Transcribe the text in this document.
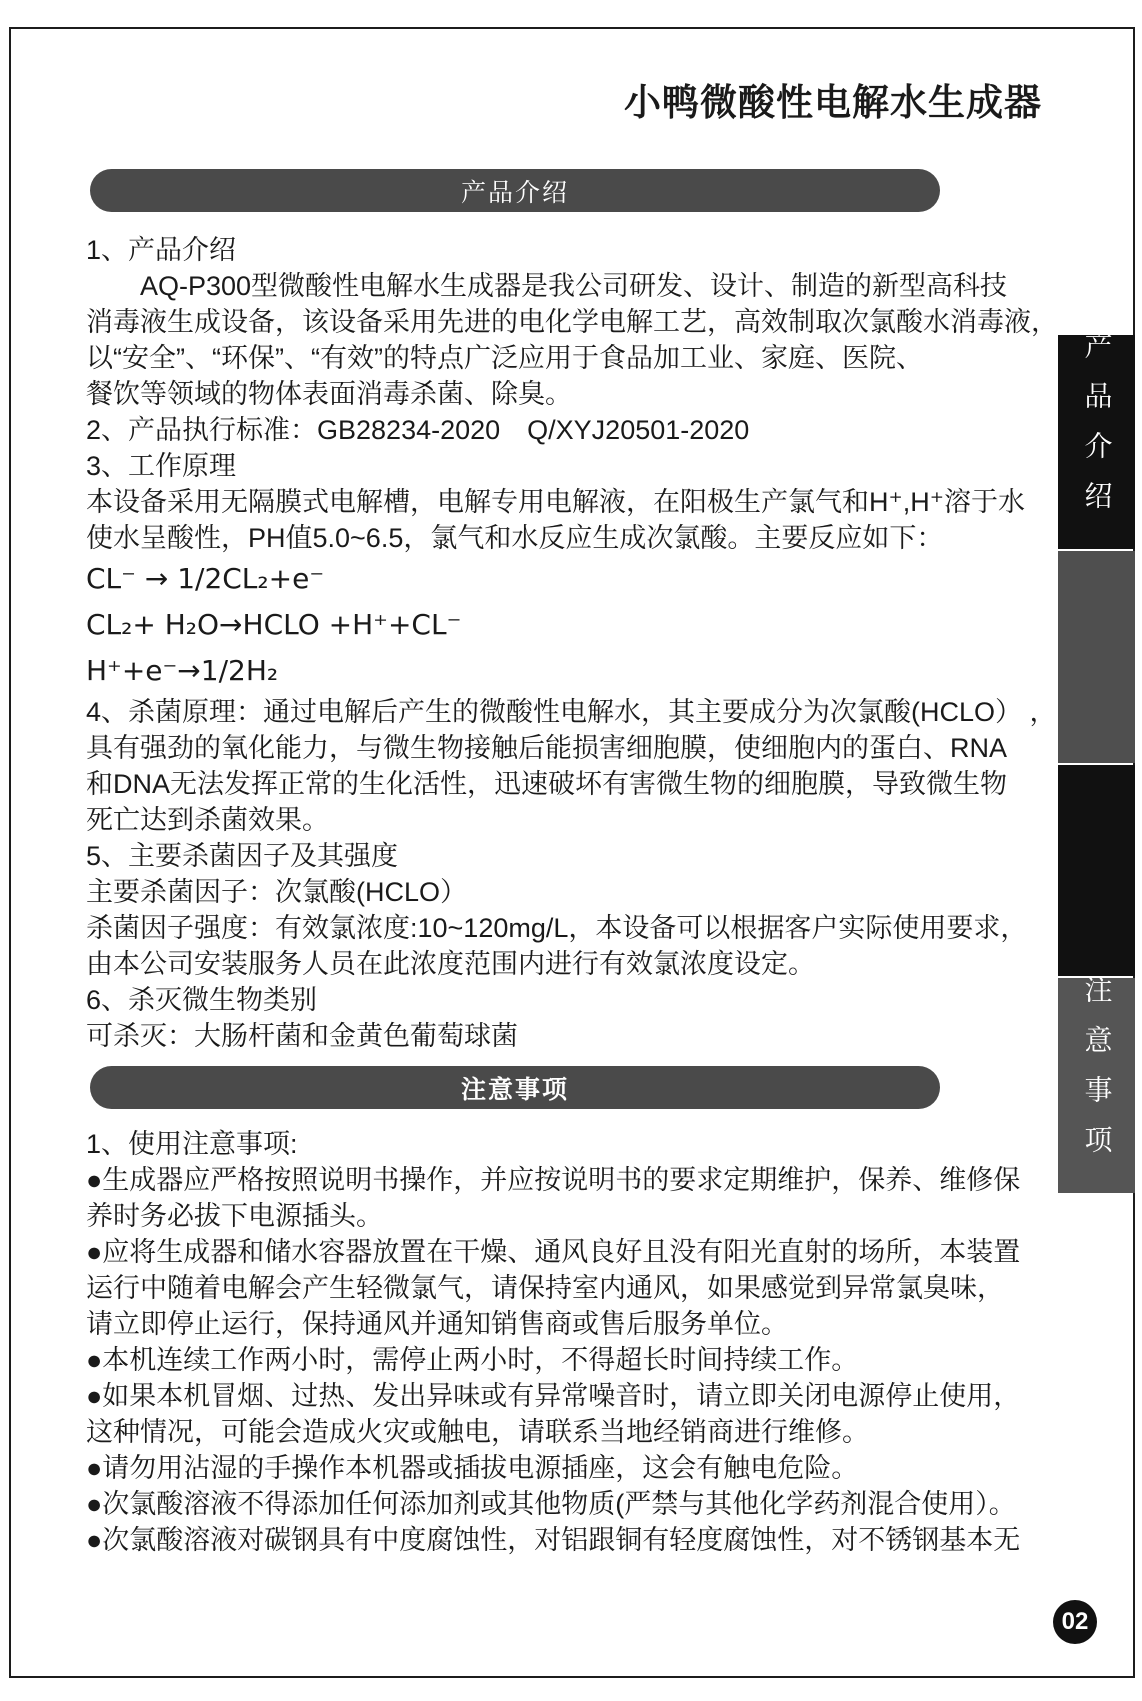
小鸭微酸性电解水生成器
产品介绍
1、产品介绍
　　AQ-P300型微酸性电解水生成器是我公司研发、设计、制造的新型高科技
消毒液生成设备，该设备采用先进的电化学电解工艺，高效制取次氯酸水消毒液，
以“安全”、“环保”、“有效”的特点广泛应用于食品加工业、家庭、医院、
餐饮等领域的物体表面消毒杀菌、除臭。
2、产品执行标准：GB28234-2020　Q/XYJ20501-2020
3、工作原理
本设备采用无隔膜式电解槽，电解专用电解液，在阳极生产氯气和H⁺,H⁺溶于水
使水呈酸性，PH值5.0~6.5，氯气和水反应生成次氯酸。主要反应如下：
CL⁻ → 1/2CL₂+e⁻
CL₂+ H₂O→HCLO +H⁺+CL⁻
H⁺+e⁻→1/2H₂
4、杀菌原理：通过电解后产生的微酸性电解水，其主要成分为次氯酸(HCLO） ，
具有强劲的氧化能力，与微生物接触后能损害细胞膜，使细胞内的蛋白、RNA
和DNA无法发挥正常的生化活性，迅速破坏有害微生物的细胞膜，导致微生物
死亡达到杀菌效果。
5、主要杀菌因子及其强度
主要杀菌因子：次氯酸(HCLO）
杀菌因子强度：有效氯浓度:10~120mg/L，本设备可以根据客户实际使用要求，
由本公司安装服务人员在此浓度范围内进行有效氯浓度设定。
6、杀灭微生物类别
可杀灭：大肠杆菌和金黄色葡萄球菌
注意事项
1、使用注意事项:
●生成器应严格按照说明书操作，并应按说明书的要求定期维护，保养、维修保
养时务必拔下电源插头。
●应将生成器和储水容器放置在干燥、通风良好且没有阳光直射的场所，本装置
运行中随着电解会产生轻微氯气，请保持室内通风，如果感觉到异常氯臭味，
请立即停止运行，保持通风并通知销售商或售后服务单位。
●本机连续工作两小时，需停止两小时，不得超长时间持续工作。
●如果本机冒烟、过热、发出异味或有异常噪音时，请立即关闭电源停止使用，
这种情况，可能会造成火灾或触电，请联系当地经销商进行维修。
●请勿用沾湿的手操作本机器或插拔电源插座，这会有触电危险。
●次氯酸溶液不得添加任何添加剂或其他物质(严禁与其他化学药剂混合使用）。
●次氯酸溶液对碳钢具有中度腐蚀性，对铝跟铜有轻度腐蚀性，对不锈钢基本无
产品介绍
注意事项
02
